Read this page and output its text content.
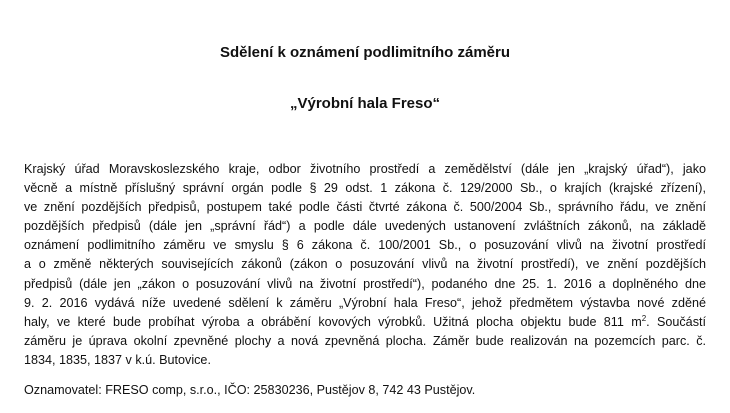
Sdělení k oznámení podlimitního záměru
„Výrobní hala Freso“
Krajský úřad Moravskoslezského kraje, odbor životního prostředí a zemědělství (dále jen „krajský úřad“), jako
věcně a místně příslušný správní orgán podle § 29 odst. 1 zákona č. 129/2000 Sb., o krajích (krajské zřízení),
ve znění pozdějších předpisů, postupem také podle části čtvrté zákona č. 500/2004 Sb., správního řádu, ve znění
pozdějších předpisů (dále jen „správní řád“) a podle dále uvedených ustanovení zvláštních zákonů, na základě
oznámení podlimitního záměru ve smyslu § 6 zákona č. 100/2001 Sb., o posuzování vlivů na životní prostředí
a o změně některých souvisejících zákonů (zákon o posuzování vlivů na životní prostředí), ve znění pozdějších
předpisů (dále jen „zákon o posuzování vlivů na životní prostředí“), podaného dne 25. 1. 2016 a doplněného dne
9. 2. 2016 vydává níže uvedené sdělení k záměru „Výrobní hala Freso“, jehož předmětem výstavba nové zděné
haly, ve které bude probíhat výroba a obrábění kovových výrobků. Užitná plocha objektu bude 811 $m^2$. Součástí
záměru je úprava okolní zpevněné plochy a nová zpevněná plocha. Záměr bude realizován na pozemcích parc. č.
1834, 1835, 1837 v k.ú. Butovice.

Oznamovatel: FRESO comp, s.r.o., IČO: 25830236, Pustějov 8, 742 43 Pustějov.
